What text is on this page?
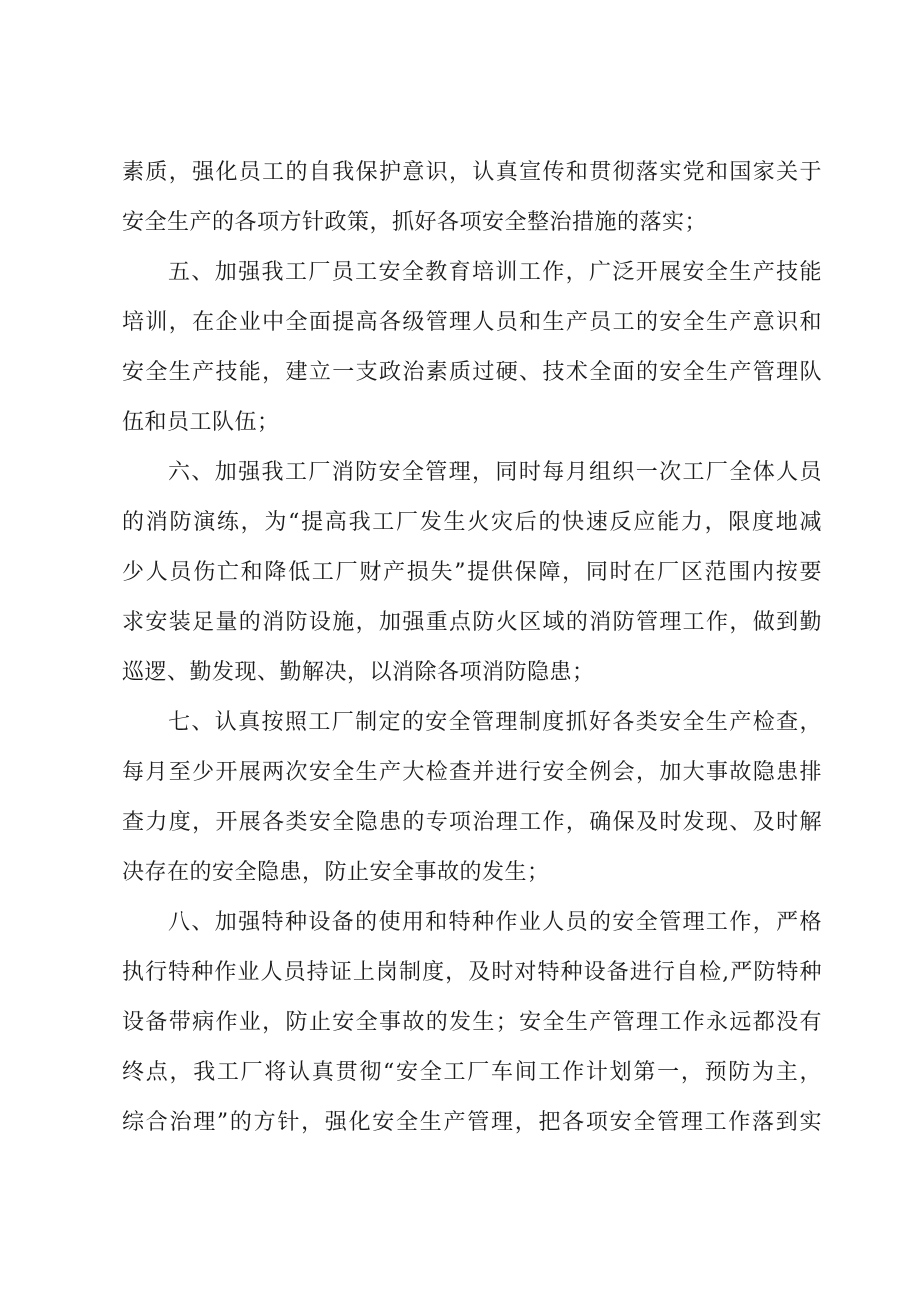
素质，强化员工的自我保护意识，认真宣传和贯彻落实党和国家关于
安全生产的各项方针政策，抓好各项安全整治措施的落实；
五、加强我工厂员工安全教育培训工作，广泛开展安全生产技能
培训，在企业中全面提高各级管理人员和生产员工的安全生产意识和
安全生产技能，建立一支政治素质过硬、技术全面的安全生产管理队
伍和员工队伍；
六、加强我工厂消防安全管理，同时每月组织一次工厂全体人员
的消防演练，为“提高我工厂发生火灾后的快速反应能力，限度地减
少人员伤亡和降低工厂财产损失”提供保障，同时在厂区范围内按要
求安装足量的消防设施，加强重点防火区域的消防管理工作，做到勤
巡逻、勤发现、勤解决，以消除各项消防隐患；
七、认真按照工厂制定的安全管理制度抓好各类安全生产检查，
每月至少开展两次安全生产大检查并进行安全例会，加大事故隐患排
查力度，开展各类安全隐患的专项治理工作，确保及时发现、及时解
决存在的安全隐患，防止安全事故的发生；
八、加强特种设备的使用和特种作业人员的安全管理工作，严格
执行特种作业人员持证上岗制度，及时对特种设备进行自检,严防特种
设备带病作业，防止安全事故的发生；安全生产管理工作永远都没有
终点，我工厂将认真贯彻“安全工厂车间工作计划第一，预防为主，
综合治理”的方针，强化安全生产管理，把各项安全管理工作落到实
